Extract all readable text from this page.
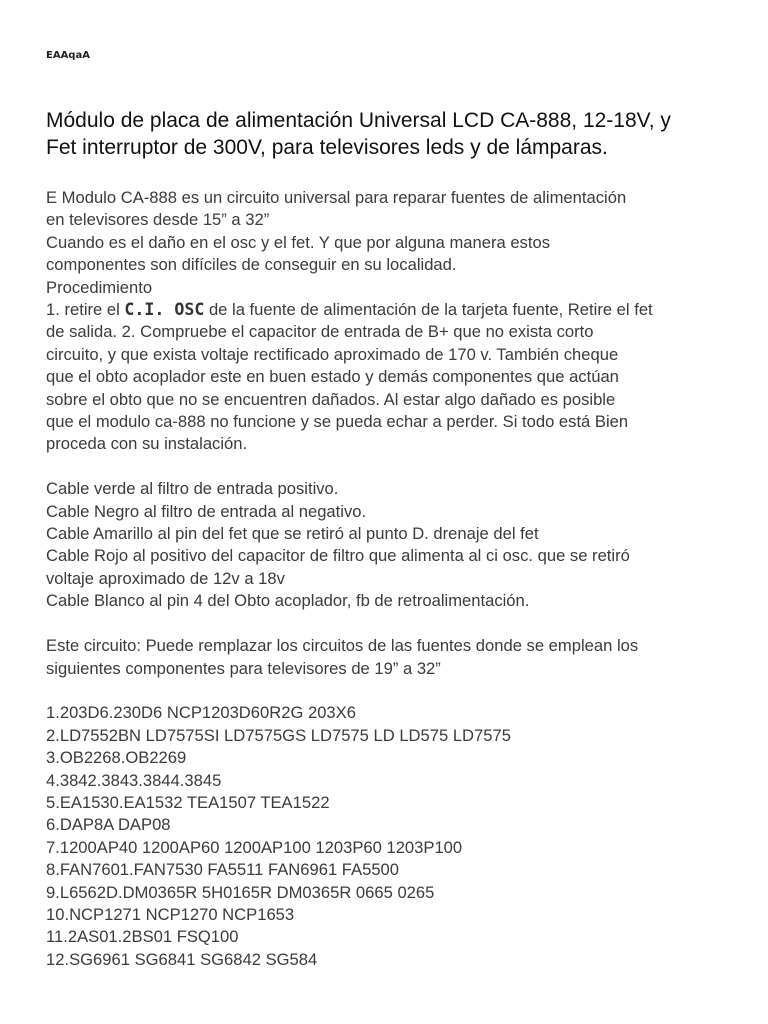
EAAqaA
Módulo de placa de alimentación Universal LCD CA-888, 12-18V, y
Fet interruptor de 300V, para televisores leds y de lámparas.
E Modulo CA-888 es un circuito universal para reparar fuentes de alimentación
en televisores desde 15” a 32”
Cuando es el daño en el osc y el fet. Y que por alguna manera estos
componentes son difíciles de conseguir en su localidad.
Procedimiento
1. retire el C.I. OSC de la fuente de alimentación de la tarjeta fuente, Retire el fet
de salida. 2. Compruebe el capacitor de entrada de B+ que no exista corto
circuito, y que exista voltaje rectificado aproximado de 170 v. También cheque
que el obto acoplador este en buen estado y demás componentes que actúan
sobre el obto que no se encuentren dañados. Al estar algo dañado es posible
que el modulo ca-888 no funcione y se pueda echar a perder. Si todo está Bien
proceda con su instalación.
Cable verde al filtro de entrada positivo.
Cable Negro al filtro de entrada al negativo.
Cable Amarillo al pin del fet que se retiró al punto D. drenaje del fet
Cable Rojo al positivo del capacitor de filtro que alimenta al ci osc. que se retiró
voltaje aproximado de 12v a 18v
Cable Blanco al pin 4 del Obto acoplador, fb de retroalimentación.
Este circuito: Puede remplazar los circuitos de las fuentes donde se emplean los
siguientes componentes para televisores de 19” a 32”
1.203D6.230D6 NCP1203D60R2G 203X6
2.LD7552BN LD7575SI LD7575GS LD7575 LD LD575 LD7575
3.OB2268.OB2269
4.3842.3843.3844.3845
5.EA1530.EA1532 TEA1507 TEA1522
6.DAP8A DAP08
7.1200AP40 1200AP60 1200AP100 1203P60 1203P100
8.FAN7601.FAN7530 FA5511 FAN6961 FA5500
9.L6562D.DM0365R 5H0165R DM0365R 0665 0265
10.NCP1271 NCP1270 NCP1653
11.2AS01.2BS01 FSQ100
12.SG6961 SG6841 SG6842 SG584
